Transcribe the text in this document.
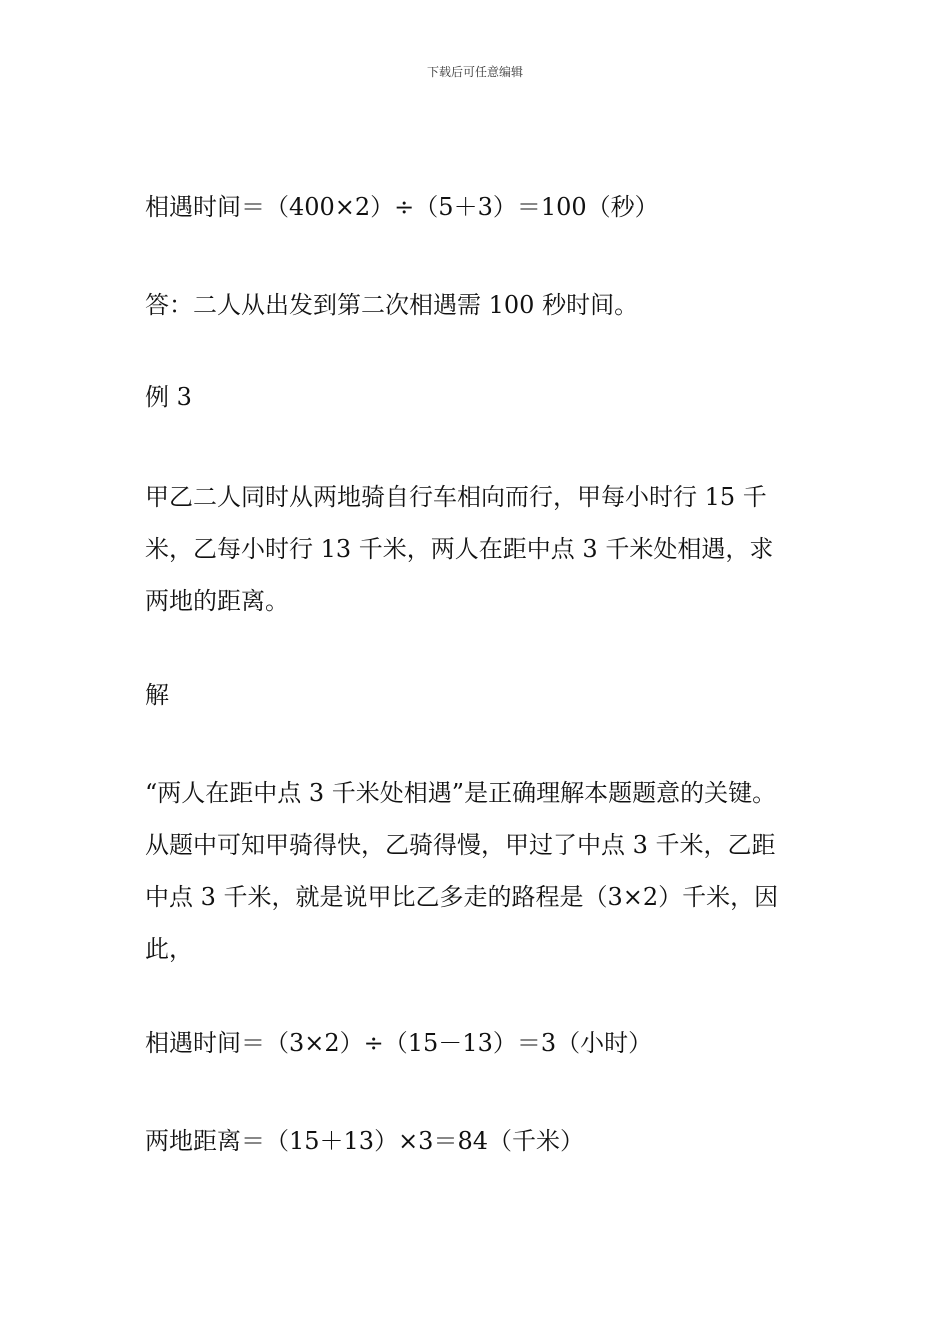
下载后可任意编辑

相遇时间＝（400×2）÷（5＋3）＝100（秒）

答：二人从出发到第二次相遇需 100 秒时间。

例 3

甲乙二人同时从两地骑自行车相向而行，甲每小时行 15 千
米，乙每小时行 13 千米，两人在距中点 3 千米处相遇，求
两地的距离。

解

“两人在距中点 3 千米处相遇”是正确理解本题题意的关键。
从题中可知甲骑得快，乙骑得慢，甲过了中点 3 千米，乙距
中点 3 千米，就是说甲比乙多走的路程是（3×2）千米，因
此，

相遇时间＝（3×2）÷（15－13）＝3（小时）

两地距离＝（15＋13）×3＝84（千米）
